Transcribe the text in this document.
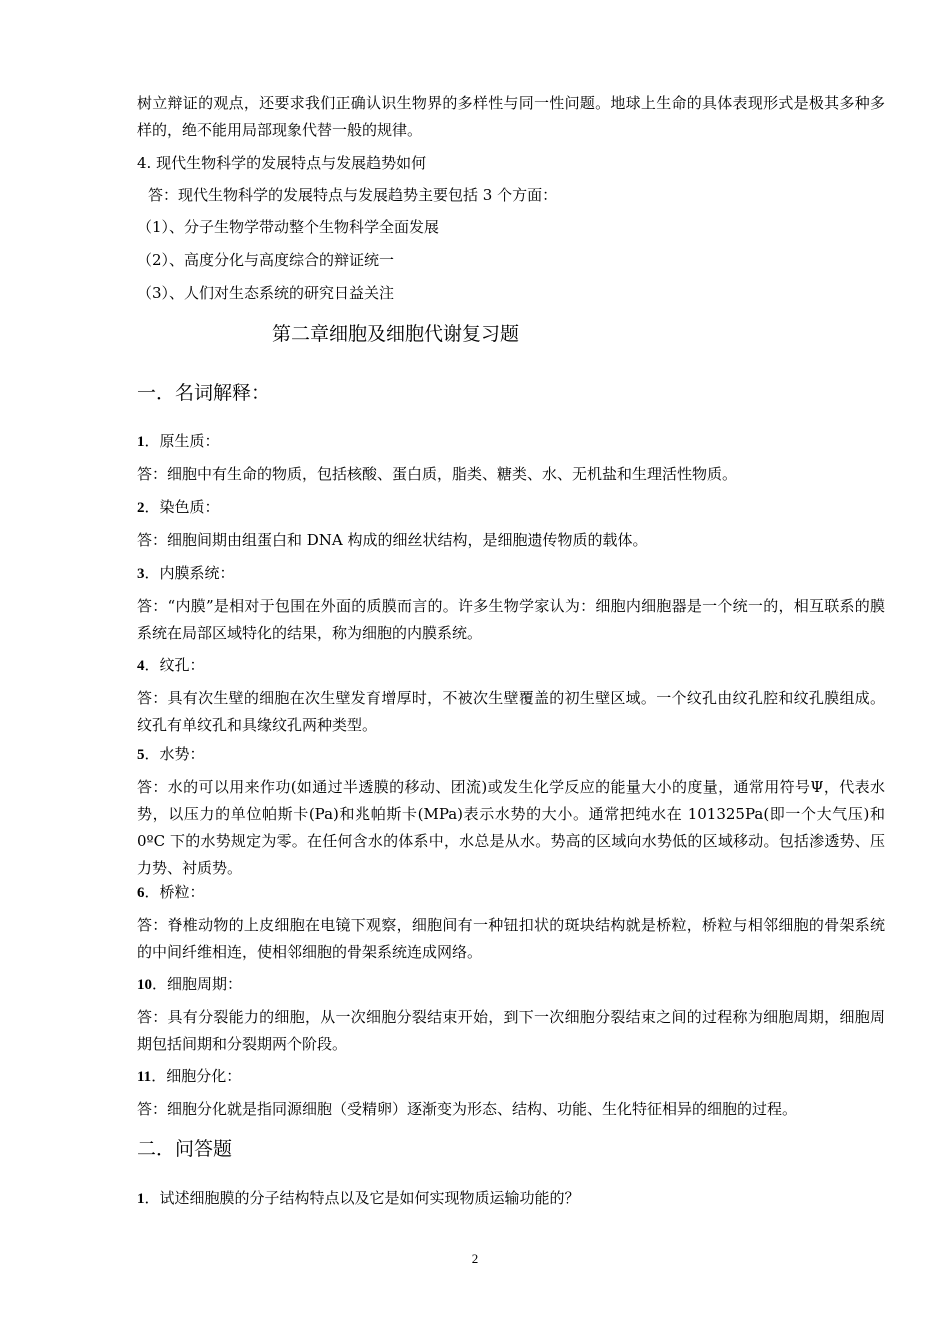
树立辩证的观点，还要求我们正确认识生物界的多样性与同一性问题。地球上生命的具体表现形式是极其多种多样的，绝不能用局部现象代替一般的规律。

4. 现代生物科学的发展特点与发展趋势如何

答：现代生物科学的发展特点与发展趋势主要包括 3 个方面：

（1）、分子生物学带动整个生物科学全面发展

（2）、高度分化与高度综合的辩证统一

（3）、人们对生态系统的研究日益关注

第二章细胞及细胞代谢复习题
一．名词解释：

1．原生质：

答：细胞中有生命的物质，包括核酸、蛋白质，脂类、糖类、水、无机盐和生理活性物质。

2．染色质：

答：细胞间期由组蛋白和 DNA 构成的细丝状结构，是细胞遗传物质的载体。

3．内膜系统：

答：“内膜”是相对于包围在外面的质膜而言的。许多生物学家认为：细胞内细胞器是一个统一的，相互联系的膜系统在局部区域特化的结果，称为细胞的内膜系统。

4．纹孔：

答：具有次生壁的细胞在次生壁发育增厚时，不被次生壁覆盖的初生壁区域。一个纹孔由纹孔腔和纹孔膜组成。纹孔有单纹孔和具缘纹孔两种类型。

5．水势：

答：水的可以用来作功(如通过半透膜的移动、团流)或发生化学反应的能量大小的度量，通常用符号Ψ，代表水势，以压力的单位帕斯卡(Pa)和兆帕斯卡(MPa)表示水势的大小。通常把纯水在 101325Pa(即一个大气压)和 0ºC 下的水势规定为零。在任何含水的体系中，水总是从水。势高的区域向水势低的区域移动。包括渗透势、压力势、衬质势。

6．桥粒：

答：脊椎动物的上皮细胞在电镜下观察，细胞间有一种钮扣状的斑块结构就是桥粒，桥粒与相邻细胞的骨架系统的中间纤维相连，使相邻细胞的骨架系统连成网络。

10．细胞周期：

答：具有分裂能力的细胞，从一次细胞分裂结束开始，到下一次细胞分裂结束之间的过程称为细胞周期，细胞周期包括间期和分裂期两个阶段。

11．细胞分化：

答：细胞分化就是指同源细胞（受精卵）逐渐变为形态、结构、功能、生化特征相异的细胞的过程。

二．问答题

1．试述细胞膜的分子结构特点以及它是如何实现物质运输功能的？

2
